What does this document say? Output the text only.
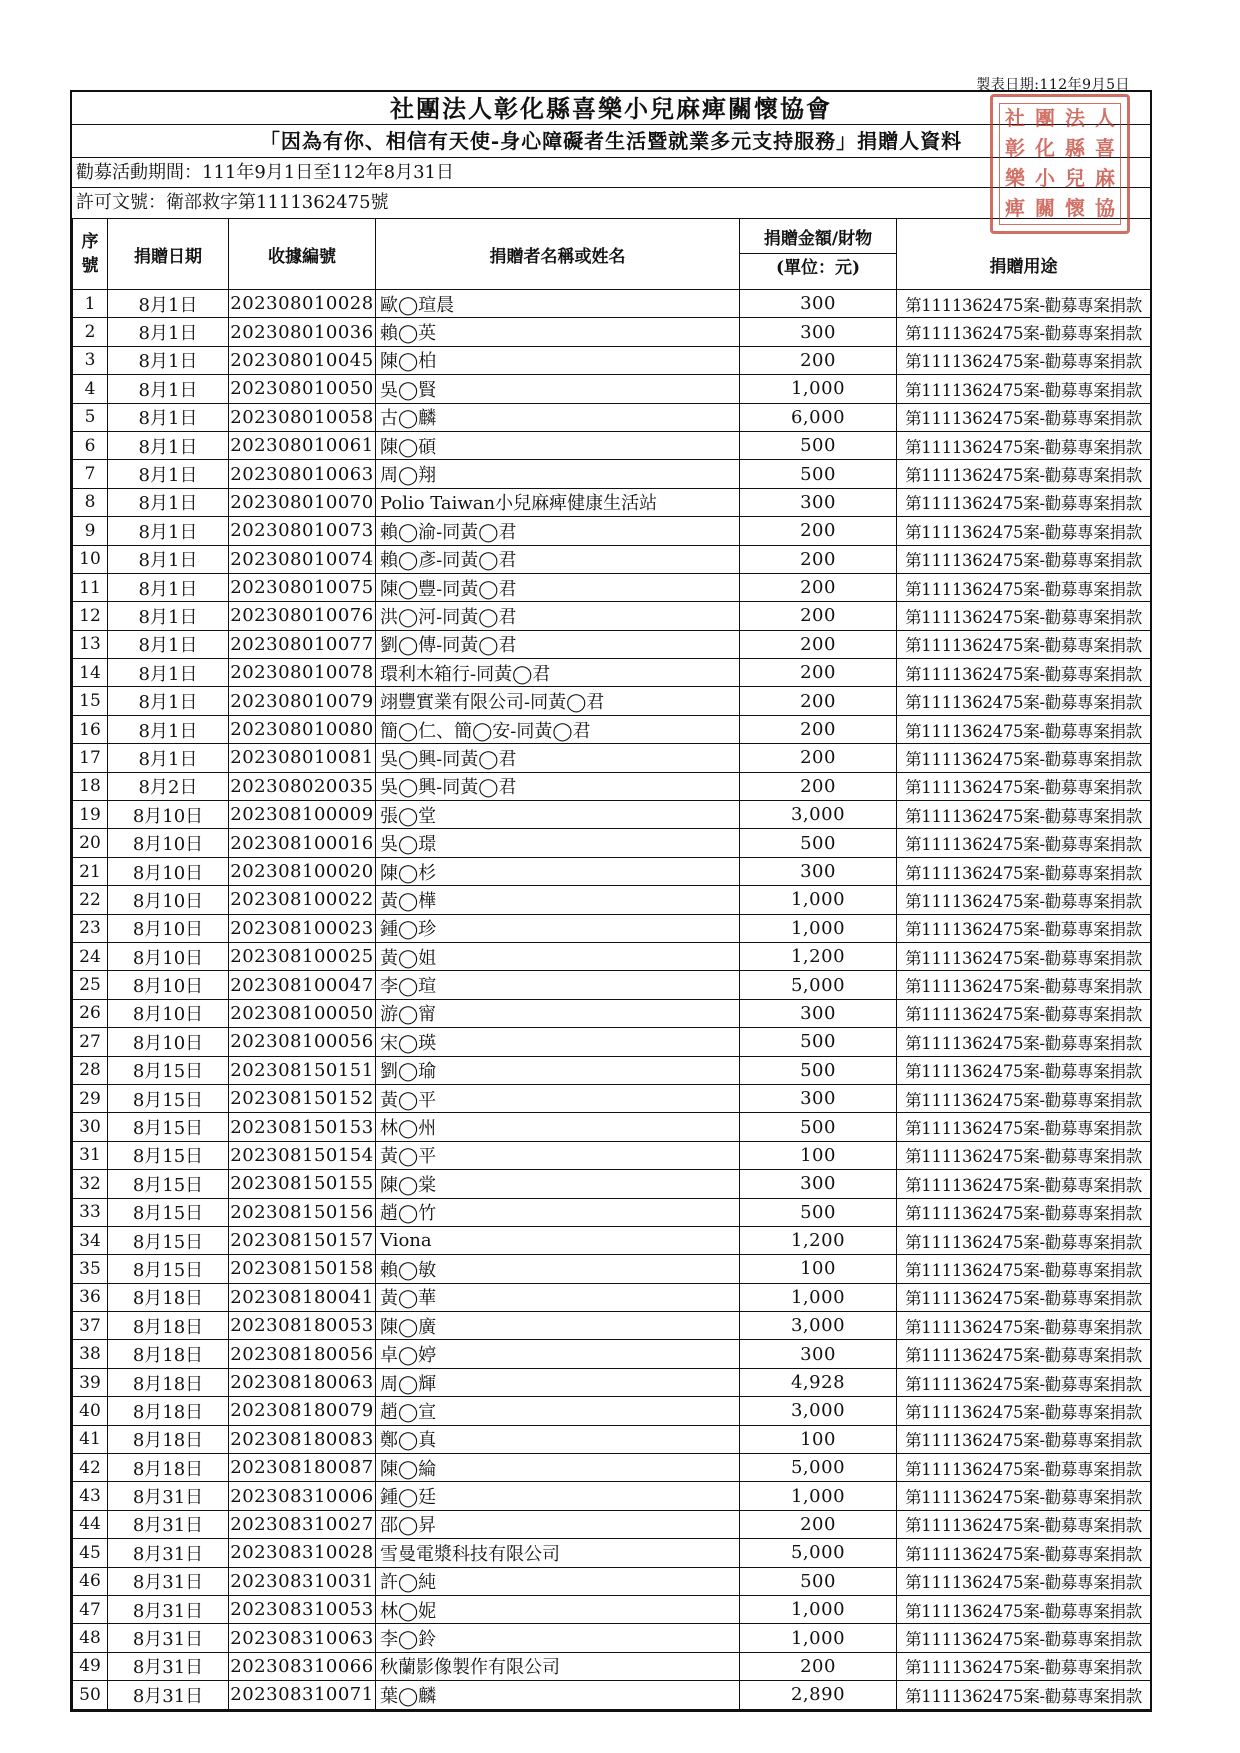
製表日期:112年9月5日
社團法人彰化縣喜樂小兒麻痺關懷協會
「因為有你、相信有天使-身心障礙者生活暨就業多元支持服務」捐贈人資料
勸募活動期間：111年9月1日至112年8月31日
許可文號：衛部救字第1111362475號
序號	捐贈日期	收據編號	捐贈者名稱或姓名	捐贈金額/財物
(單位：元)	捐贈用途
1	8月1日	202308010028	歐◯瑄晨	300	第1111362475案-勸募專案捐款
2	8月1日	202308010036	賴◯英	300	第1111362475案-勸募專案捐款
3	8月1日	202308010045	陳◯柏	200	第1111362475案-勸募專案捐款
4	8月1日	202308010050	吳◯賢	1,000	第1111362475案-勸募專案捐款
5	8月1日	202308010058	古◯麟	6,000	第1111362475案-勸募專案捐款
6	8月1日	202308010061	陳◯碩	500	第1111362475案-勸募專案捐款
7	8月1日	202308010063	周◯翔	500	第1111362475案-勸募專案捐款
8	8月1日	202308010070	Polio Taiwan小兒麻痺健康生活站	300	第1111362475案-勸募專案捐款
9	8月1日	202308010073	賴◯渝-同黃◯君	200	第1111362475案-勸募專案捐款
10	8月1日	202308010074	賴◯彥-同黃◯君	200	第1111362475案-勸募專案捐款
11	8月1日	202308010075	陳◯豐-同黃◯君	200	第1111362475案-勸募專案捐款
12	8月1日	202308010076	洪◯河-同黃◯君	200	第1111362475案-勸募專案捐款
13	8月1日	202308010077	劉◯傳-同黃◯君	200	第1111362475案-勸募專案捐款
14	8月1日	202308010078	環利木箱行-同黃◯君	200	第1111362475案-勸募專案捐款
15	8月1日	202308010079	翊豐實業有限公司-同黃◯君	200	第1111362475案-勸募專案捐款
16	8月1日	202308010080	簡◯仁、簡◯安-同黃◯君	200	第1111362475案-勸募專案捐款
17	8月1日	202308010081	吳◯興-同黃◯君	200	第1111362475案-勸募專案捐款
18	8月2日	202308020035	吳◯興-同黃◯君	200	第1111362475案-勸募專案捐款
19	8月10日	202308100009	張◯堂	3,000	第1111362475案-勸募專案捐款
20	8月10日	202308100016	吳◯璟	500	第1111362475案-勸募專案捐款
21	8月10日	202308100020	陳◯杉	300	第1111362475案-勸募專案捐款
22	8月10日	202308100022	黃◯樺	1,000	第1111362475案-勸募專案捐款
23	8月10日	202308100023	鍾◯珍	1,000	第1111362475案-勸募專案捐款
24	8月10日	202308100025	黃◯姐	1,200	第1111362475案-勸募專案捐款
25	8月10日	202308100047	李◯瑄	5,000	第1111362475案-勸募專案捐款
26	8月10日	202308100050	游◯甯	300	第1111362475案-勸募專案捐款
27	8月10日	202308100056	宋◯瑛	500	第1111362475案-勸募專案捐款
28	8月15日	202308150151	劉◯瑜	500	第1111362475案-勸募專案捐款
29	8月15日	202308150152	黃◯平	300	第1111362475案-勸募專案捐款
30	8月15日	202308150153	林◯州	500	第1111362475案-勸募專案捐款
31	8月15日	202308150154	黃◯平	100	第1111362475案-勸募專案捐款
32	8月15日	202308150155	陳◯棠	300	第1111362475案-勸募專案捐款
33	8月15日	202308150156	趙◯竹	500	第1111362475案-勸募專案捐款
34	8月15日	202308150157	Viona	1,200	第1111362475案-勸募專案捐款
35	8月15日	202308150158	賴◯敏	100	第1111362475案-勸募專案捐款
36	8月18日	202308180041	黃◯華	1,000	第1111362475案-勸募專案捐款
37	8月18日	202308180053	陳◯廣	3,000	第1111362475案-勸募專案捐款
38	8月18日	202308180056	卓◯婷	300	第1111362475案-勸募專案捐款
39	8月18日	202308180063	周◯輝	4,928	第1111362475案-勸募專案捐款
40	8月18日	202308180079	趙◯宣	3,000	第1111362475案-勸募專案捐款
41	8月18日	202308180083	鄭◯真	100	第1111362475案-勸募專案捐款
42	8月18日	202308180087	陳◯綸	5,000	第1111362475案-勸募專案捐款
43	8月31日	202308310006	鍾◯廷	1,000	第1111362475案-勸募專案捐款
44	8月31日	202308310027	邵◯昇	200	第1111362475案-勸募專案捐款
45	8月31日	202308310028	雪曼電漿科技有限公司	5,000	第1111362475案-勸募專案捐款
46	8月31日	202308310031	許◯純	500	第1111362475案-勸募專案捐款
47	8月31日	202308310053	林◯妮	1,000	第1111362475案-勸募專案捐款
48	8月31日	202308310063	李◯鈴	1,000	第1111362475案-勸募專案捐款
49	8月31日	202308310066	秋蘭影像製作有限公司	200	第1111362475案-勸募專案捐款
50	8月31日	202308310071	葉◯麟	2,890	第1111362475案-勸募專案捐款
社 團 法 人
彰 化 縣 喜
樂 小 兒 麻
痺 關 懷 協
